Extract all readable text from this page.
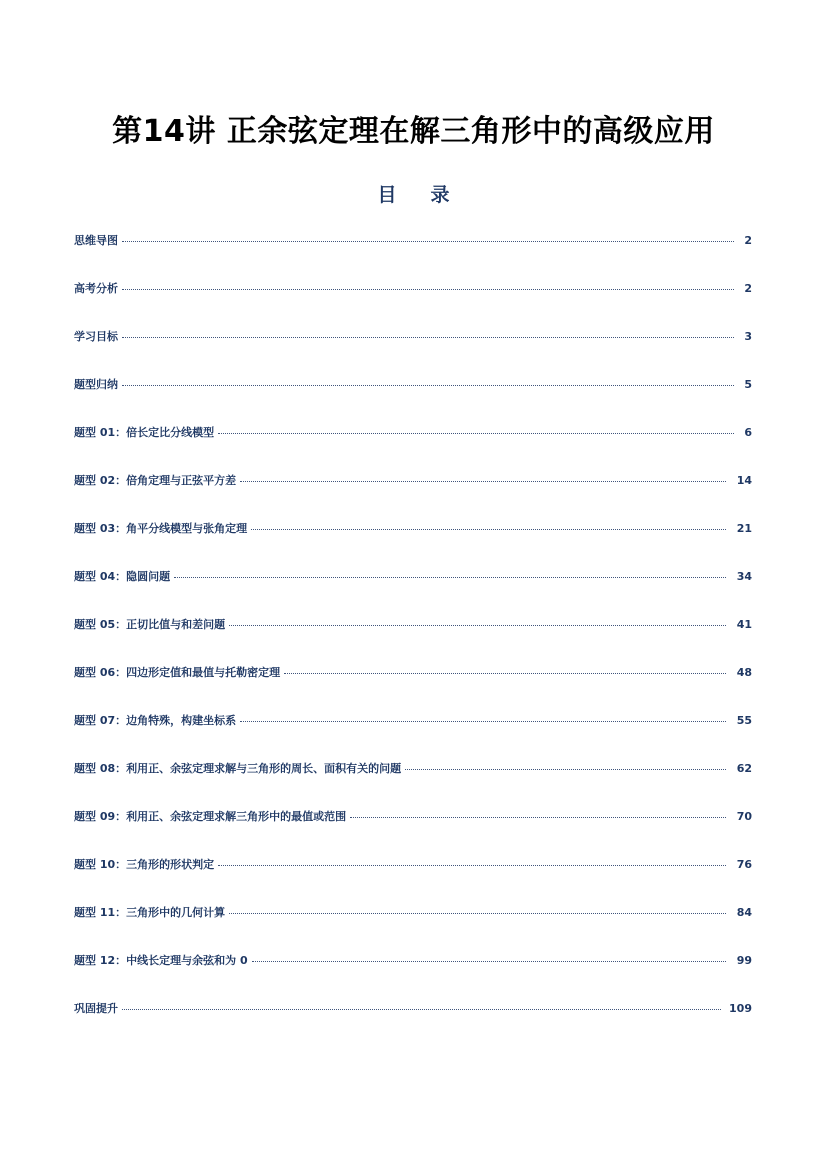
第14讲 正余弦定理在解三角形中的高级应用
目录
思维导图	2
高考分析	2
学习目标	3
题型归纳	5
题型 01：倍长定比分线模型	6
题型 02：倍角定理与正弦平方差	14
题型 03：角平分线模型与张角定理	21
题型 04：隐圆问题	34
题型 05：正切比值与和差问题	41
题型 06：四边形定值和最值与托勒密定理	48
题型 07：边角特殊，构建坐标系	55
题型 08：利用正、余弦定理求解与三角形的周长、面积有关的问题	62
题型 09：利用正、余弦定理求解三角形中的最值或范围	70
题型 10：三角形的形状判定	76
题型 11：三角形中的几何计算	84
题型 12：中线长定理与余弦和为 0	99
巩固提升	109
